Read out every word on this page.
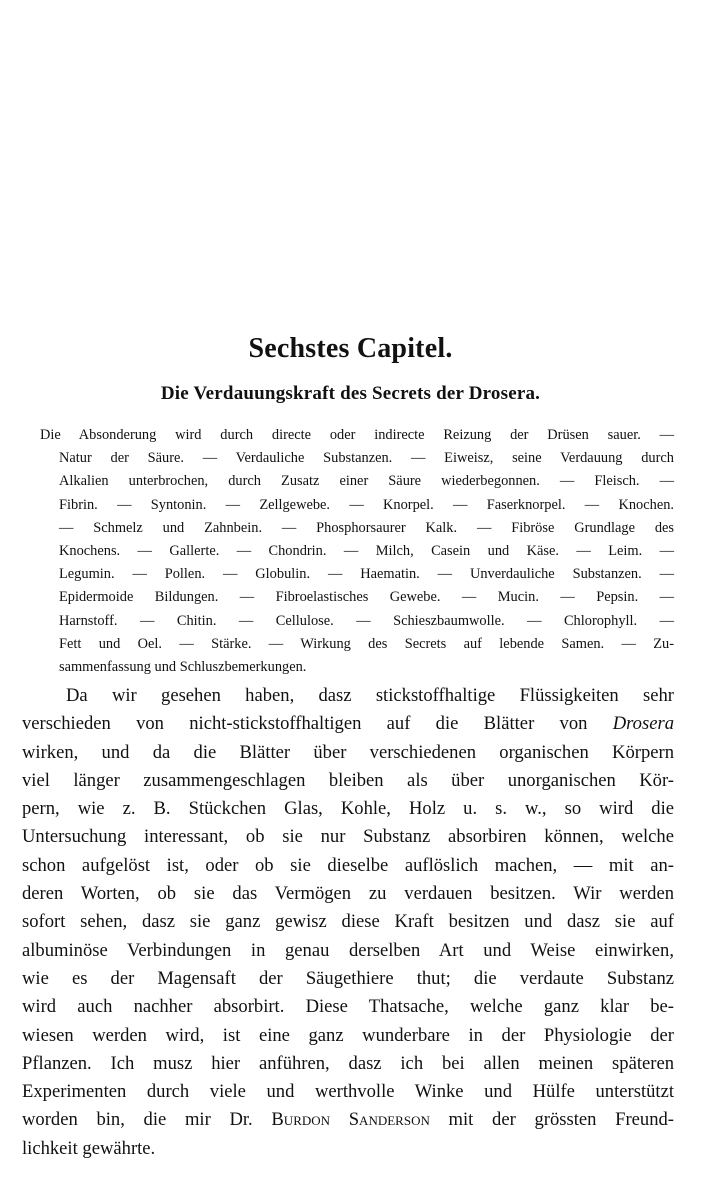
Sechstes Capitel.
Die Verdauungskraft des Secrets der Drosera.
Die Absonderung wird durch directe oder indirecte Reizung der Drüsen sauer. —
Natur der Säure. — Verdauliche Substanzen. — Eiweisz, seine Verdauung durch
Alkalien unterbrochen, durch Zusatz einer Säure wiederbegonnen. — Fleisch. —
Fibrin. — Syntonin. — Zellgewebe. — Knorpel. — Faserknorpel. — Knochen.
— Schmelz und Zahnbein. — Phosphorsaurer Kalk. — Fibröse Grundlage des
Knochens. — Gallerte. — Chondrin. — Milch, Casein und Käse. — Leim. —
Legumin. — Pollen. — Globulin. — Haematin. — Unverdauliche Substanzen. —
Epidermoide Bildungen. — Fibroelastisches Gewebe. — Mucin. — Pepsin. —
Harnstoff. — Chitin. — Cellulose. — Schieszbaumwolle. — Chlorophyll. —
Fett und Oel. — Stärke. — Wirkung des Secrets auf lebende Samen. — Zu-
sammenfassung und Schluszbemerkungen.
Da wir gesehen haben, dasz stickstoffhaltige Flüssigkeiten sehr
verschieden von nicht-stickstoffhaltigen auf die Blätter von Drosera
wirken, und da die Blätter über verschiedenen organischen Körpern
viel länger zusammengeschlagen bleiben als über unorganischen Kör-
pern, wie z. B. Stückchen Glas, Kohle, Holz u. s. w., so wird die
Untersuchung interessant, ob sie nur Substanz absorbiren können, welche
schon aufgelöst ist, oder ob sie dieselbe auflöslich machen, — mit an-
deren Worten, ob sie das Vermögen zu verdauen besitzen. Wir werden
sofort sehen, dasz sie ganz gewisz diese Kraft besitzen und dasz sie auf
albuminöse Verbindungen in genau derselben Art und Weise einwirken,
wie es der Magensaft der Säugethiere thut; die verdaute Substanz
wird auch nachher absorbirt. Diese Thatsache, welche ganz klar be-
wiesen werden wird, ist eine ganz wunderbare in der Physiologie der
Pflanzen. Ich musz hier anführen, dasz ich bei allen meinen späteren
Experimenten durch viele und werthvolle Winke und Hülfe unterstützt
worden bin, die mir Dr. Burdon Sanderson mit der grössten Freund-
lichkeit gewährte.
